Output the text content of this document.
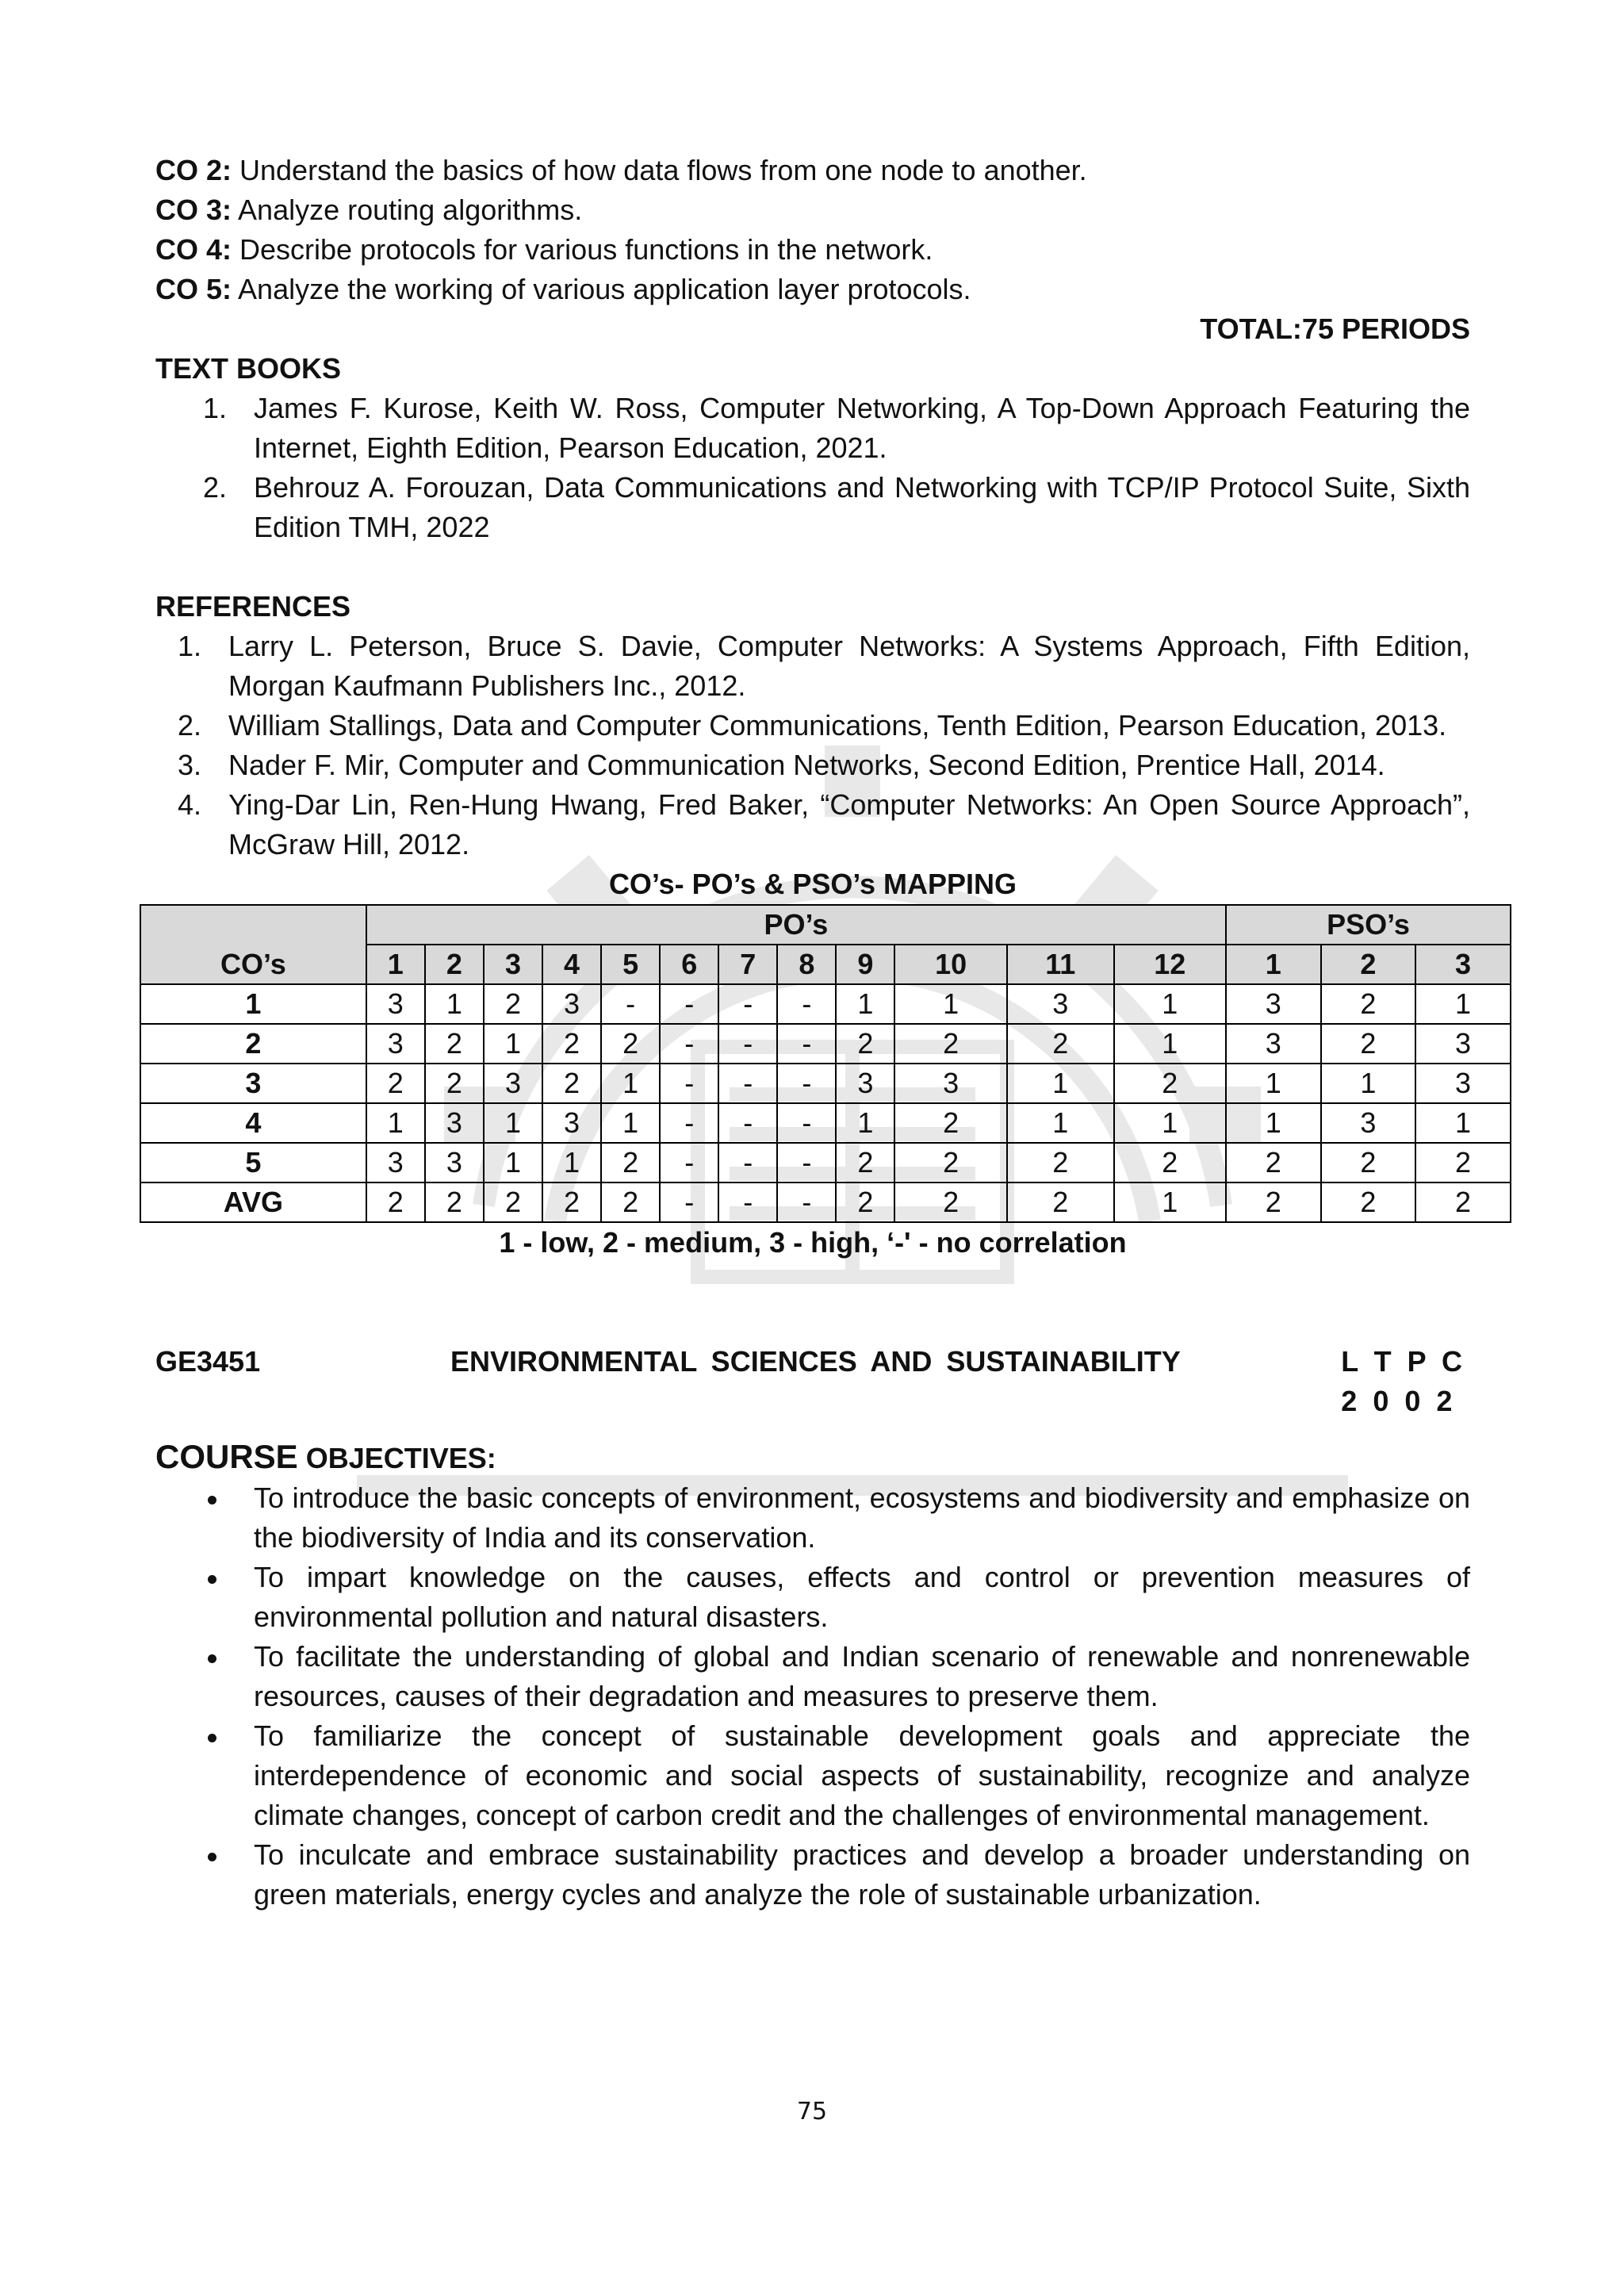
CO 2: Understand the basics of how data flows from one node to another.

CO 3: Analyze routing algorithms.

CO 4: Describe protocols for various functions in the network.

CO 5: Analyze the working of various application layer protocols.

TOTAL:75 PERIODS

TEXT BOOKS

1. James F. Kurose, Keith W. Ross, Computer Networking, A Top-Down Approach Featuring the Internet, Eighth Edition, Pearson Education, 2021.
2. Behrouz A. Forouzan, Data Communications and Networking with TCP/IP Protocol Suite, Sixth Edition TMH, 2022

REFERENCES

1. Larry L. Peterson, Bruce S. Davie, Computer Networks: A Systems Approach, Fifth Edition, Morgan Kaufmann Publishers Inc., 2012.
2. William Stallings, Data and Computer Communications, Tenth Edition, Pearson Education, 2013.
3. Nader F. Mir, Computer and Communication Networks, Second Edition, Prentice Hall, 2014.
4. Ying-Dar Lin, Ren-Hung Hwang, Fred Baker, “Computer Networks: An Open Source Approach”, McGraw Hill, 2012.

CO’s- PO’s & PSO’s MAPPING

CO’s	PO’s												PSO’s		
	1	2	3	4	5	6	7	8	9	10	11	12	1	2	3
1	3	1	2	3	-	-	-	-	1	1	3	1	3	2	1
2	3	2	1	2	2	-	-	-	2	2	2	1	3	2	3
3	2	2	3	2	1	-	-	-	3	3	1	2	1	1	3
4	1	3	1	3	1	-	-	-	1	2	1	1	1	3	1
5	3	3	1	1	2	-	-	-	2	2	2	2	2	2	2
AVG	2	2	2	2	2	-	-	-	2	2	2	1	2	2	2

1 - low, 2 - medium, 3 - high, ‘-' - no correlation

GE3451	ENVIRONMENTAL SCIENCES AND SUSTAINABILITY	L T P C
2 0 0 2

COURSE OBJECTIVES:

To introduce the basic concepts of environment, ecosystems and biodiversity and emphasize on the biodiversity of India and its conservation.
To impart knowledge on the causes, effects and control or prevention measures of environmental pollution and natural disasters.
To facilitate the understanding of global and Indian scenario of renewable and nonrenewable resources, causes of their degradation and measures to preserve them.
To familiarize the concept of sustainable development goals and appreciate the interdependence of economic and social aspects of sustainability, recognize and analyze climate changes, concept of carbon credit and the challenges of environmental management.
To inculcate and embrace sustainability practices and develop a broader understanding on green materials, energy cycles and analyze the role of sustainable urbanization.
75
